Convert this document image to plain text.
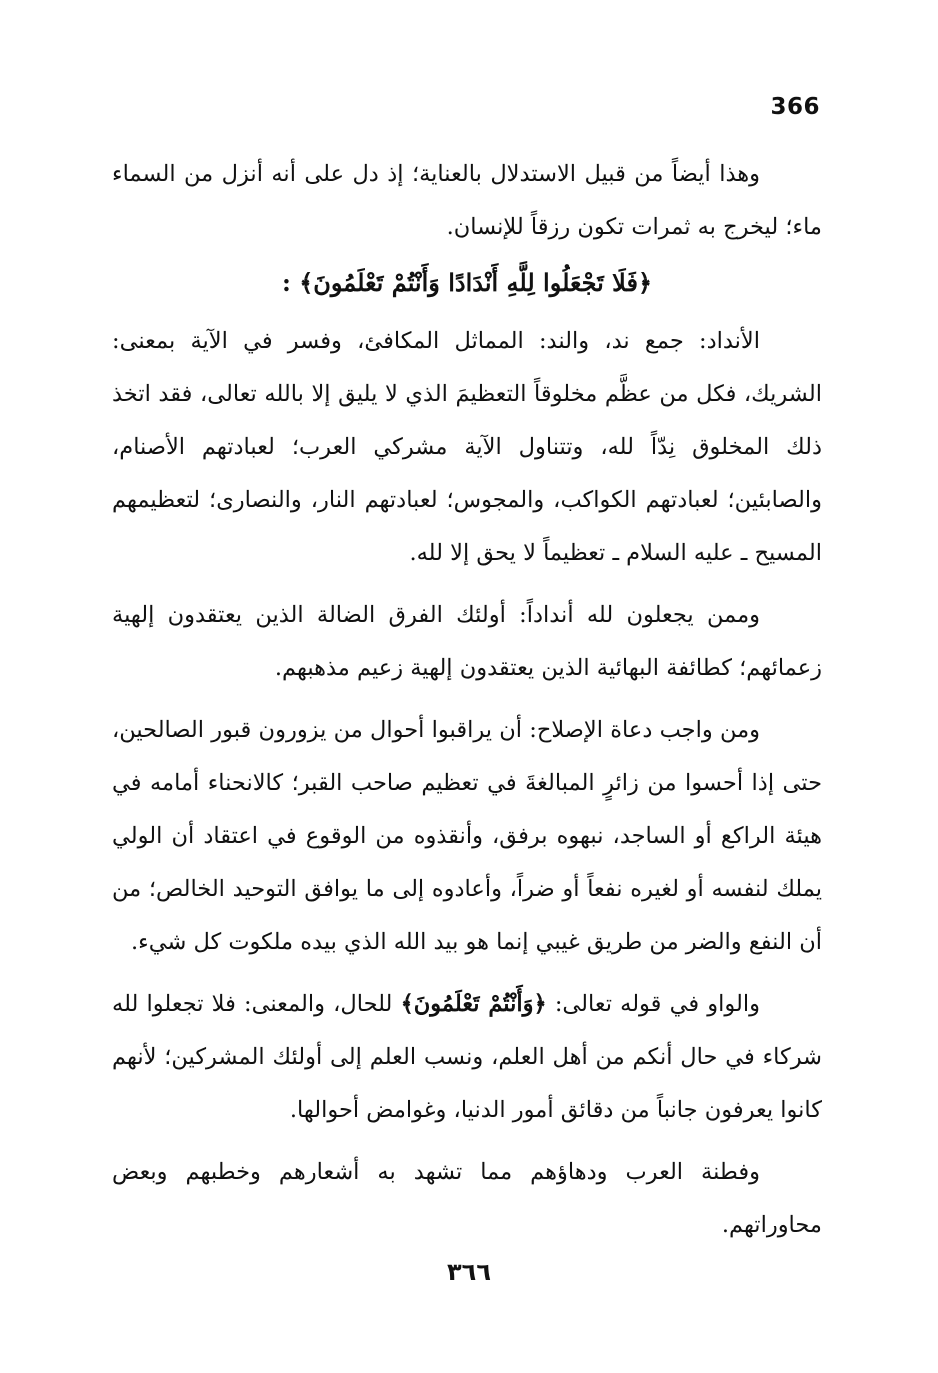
366

وهذا أيضاً من قبيل الاستدلال بالعناية؛ إذ دل على أنه أنزل من السماء ماء؛ ليخرج به ثمرات تكون رزقاً للإنسان.

﴿فَلَا تَجْعَلُوا لِلَّهِ أَنْدَادًا وَأَنْتُمْ تَعْلَمُونَ﴾ :

الأنداد: جمع ند، والند: المماثل المكافئ، وفسر في الآية بمعنى: الشريك، فكل من عظَّم مخلوقاً التعظيمَ الذي لا يليق إلا بالله تعالى، فقد اتخذ ذلك المخلوق نِدّاً لله، وتتناول الآية مشركي العرب؛ لعبادتهم الأصنام، والصابئين؛ لعبادتهم الكواكب، والمجوس؛ لعبادتهم النار، والنصارى؛ لتعظيمهم المسيح ـ عليه السلام ـ تعظيماً لا يحق إلا لله.

وممن يجعلون لله أنداداً: أولئك الفرق الضالة الذين يعتقدون إلهية زعمائهم؛ كطائفة البهائية الذين يعتقدون إلهية زعيم مذهبهم.

ومن واجب دعاة الإصلاح: أن يراقبوا أحوال من يزورون قبور الصالحين، حتى إذا أحسوا من زائرٍ المبالغةَ في تعظيم صاحب القبر؛ كالانحناء أمامه في هيئة الراكع أو الساجد، نبهوه برفق، وأنقذوه من الوقوع في اعتقاد أن الولي يملك لنفسه أو لغيره نفعاً أو ضراً، وأعادوه إلى ما يوافق التوحيد الخالص؛ من أن النفع والضر من طريق غيبي إنما هو بيد الله الذي بيده ملكوت كل شيء.

والواو في قوله تعالى: ﴿وَأَنْتُمْ تَعْلَمُونَ﴾ للحال، والمعنى: فلا تجعلوا لله شركاء في حال أنكم من أهل العلم، ونسب العلم إلى أولئك المشركين؛ لأنهم كانوا يعرفون جانباً من دقائق أمور الدنيا، وغوامض أحوالها.

وفطنة العرب ودهاؤهم مما تشهد به أشعارهم وخطبهم وبعض محاوراتهم.

٣٦٦
